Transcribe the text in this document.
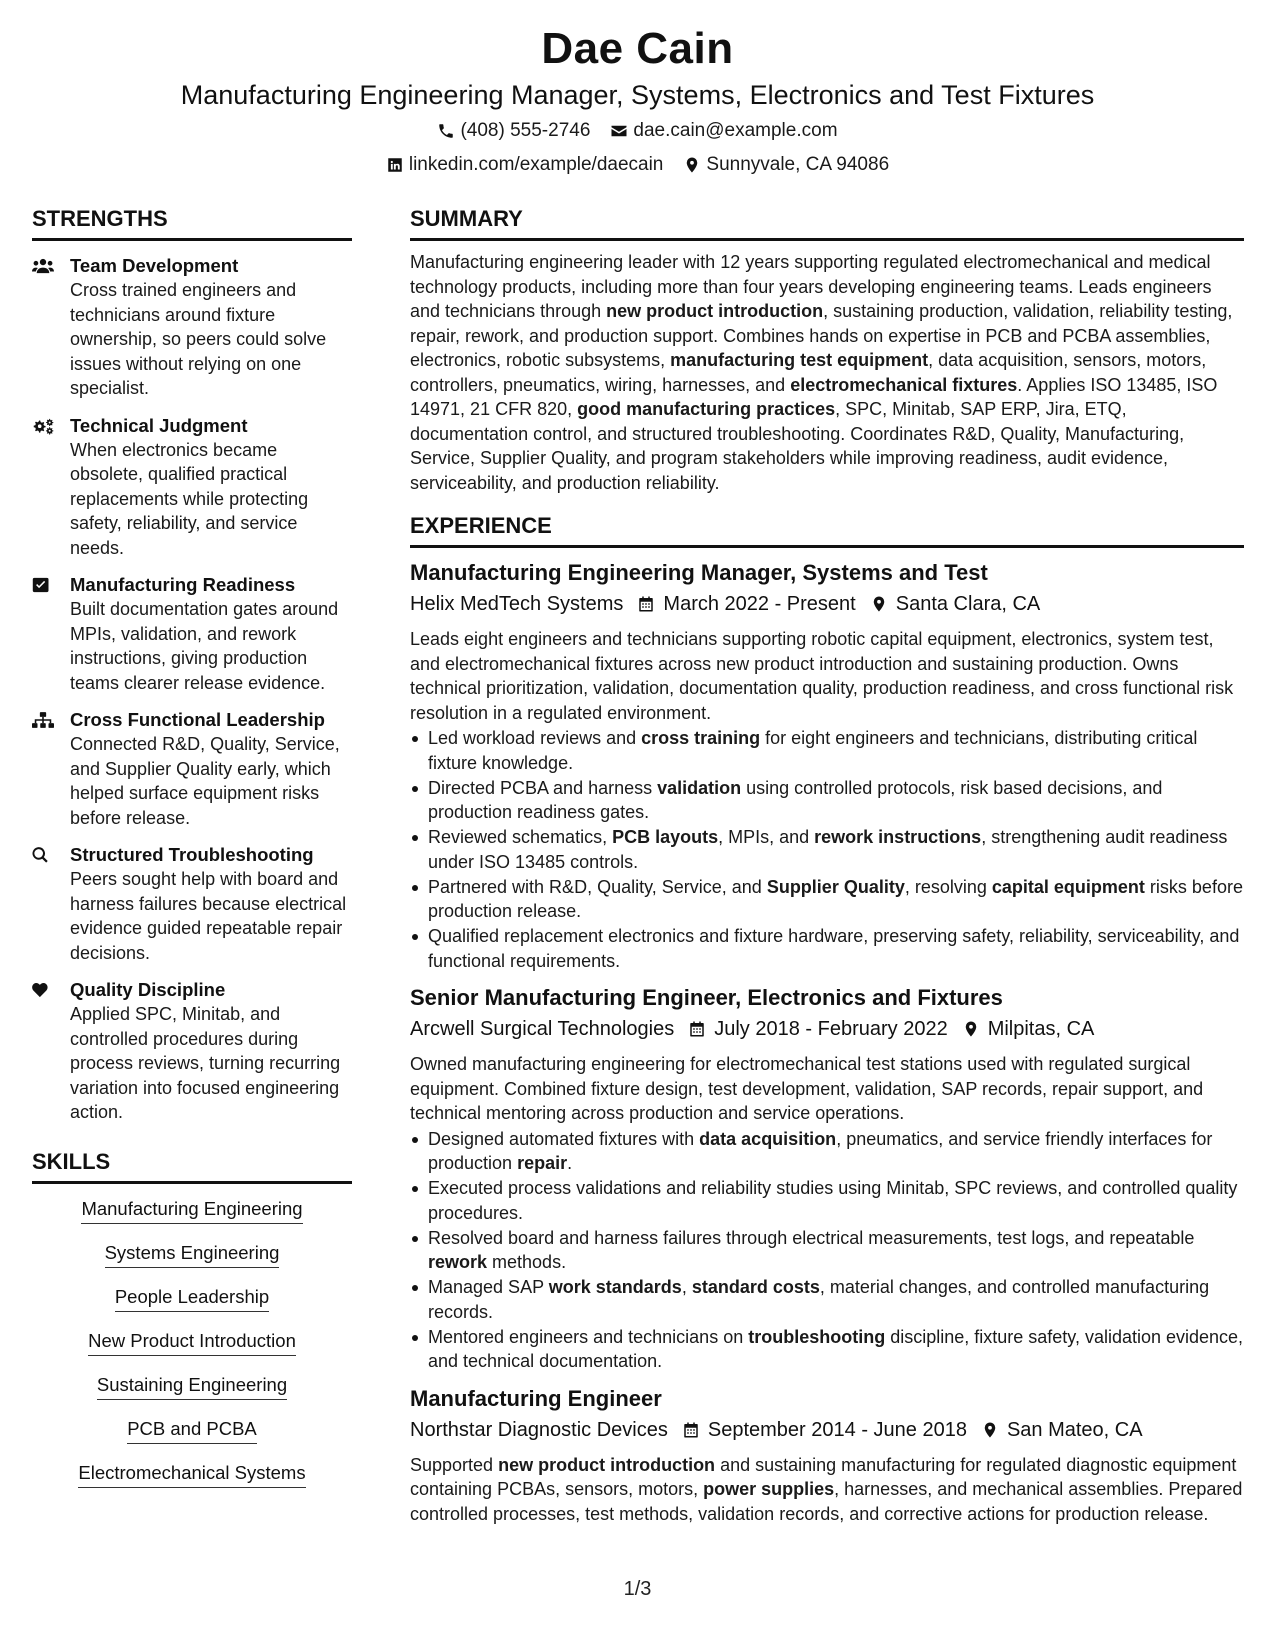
Dae Cain
Manufacturing Engineering Manager, Systems, Electronics and Test Fixtures
(408) 555-2746 dae.cain@example.com
linkedin.com/example/daecain Sunnyvale, CA 94086
STRENGTHS
Team Development
Cross trained engineers and technicians around fixture ownership, so peers could solve issues without relying on one specialist.
Technical Judgment
When electronics became obsolete, qualified practical replacements while protecting safety, reliability, and service needs.
Manufacturing Readiness
Built documentation gates around MPIs, validation, and rework instructions, giving production teams clearer release evidence.
Cross Functional Leadership
Connected R&D, Quality, Service, and Supplier Quality early, which helped surface equipment risks before release.
Structured Troubleshooting
Peers sought help with board and harness failures because electrical evidence guided repeatable repair decisions.
Quality Discipline
Applied SPC, Minitab, and controlled procedures during process reviews, turning recurring variation into focused engineering action.
SKILLS
Manufacturing Engineering
Systems Engineering
People Leadership
New Product Introduction
Sustaining Engineering
PCB and PCBA
Electromechanical Systems
SUMMARY
Manufacturing engineering leader with 12 years supporting regulated electromechanical and medical technology products, including more than four years developing engineering teams. Leads engineers and technicians through new product introduction, sustaining production, validation, reliability testing, repair, rework, and production support. Combines hands on expertise in PCB and PCBA assemblies, electronics, robotic subsystems, manufacturing test equipment, data acquisition, sensors, motors, controllers, pneumatics, wiring, harnesses, and electromechanical fixtures. Applies ISO 13485, ISO 14971, 21 CFR 820, good manufacturing practices, SPC, Minitab, SAP ERP, Jira, ETQ, documentation control, and structured troubleshooting. Coordinates R&D, Quality, Manufacturing, Service, Supplier Quality, and program stakeholders while improving readiness, audit evidence, serviceability, and production reliability.
EXPERIENCE
Manufacturing Engineering Manager, Systems and Test
Helix MedTech Systems March 2022 - Present Santa Clara, CA
Leads eight engineers and technicians supporting robotic capital equipment, electronics, system test, and electromechanical fixtures across new product introduction and sustaining production. Owns technical prioritization, validation, documentation quality, production readiness, and cross functional risk resolution in a regulated environment.
Led workload reviews and cross training for eight engineers and technicians, distributing critical fixture knowledge.
Directed PCBA and harness validation using controlled protocols, risk based decisions, and production readiness gates.
Reviewed schematics, PCB layouts, MPIs, and rework instructions, strengthening audit readiness under ISO 13485 controls.
Partnered with R&D, Quality, Service, and Supplier Quality, resolving capital equipment risks before production release.
Qualified replacement electronics and fixture hardware, preserving safety, reliability, serviceability, and functional requirements.
Senior Manufacturing Engineer, Electronics and Fixtures
Arcwell Surgical Technologies July 2018 - February 2022 Milpitas, CA
Owned manufacturing engineering for electromechanical test stations used with regulated surgical equipment. Combined fixture design, test development, validation, SAP records, repair support, and technical mentoring across production and service operations.
Designed automated fixtures with data acquisition, pneumatics, and service friendly interfaces for production repair.
Executed process validations and reliability studies using Minitab, SPC reviews, and controlled quality procedures.
Resolved board and harness failures through electrical measurements, test logs, and repeatable rework methods.
Managed SAP work standards, standard costs, material changes, and controlled manufacturing records.
Mentored engineers and technicians on troubleshooting discipline, fixture safety, validation evidence, and technical documentation.
Manufacturing Engineer
Northstar Diagnostic Devices September 2014 - June 2018 San Mateo, CA
Supported new product introduction and sustaining manufacturing for regulated diagnostic equipment containing PCBAs, sensors, motors, power supplies, harnesses, and mechanical assemblies. Prepared controlled processes, test methods, validation records, and corrective actions for production release.
1/3
